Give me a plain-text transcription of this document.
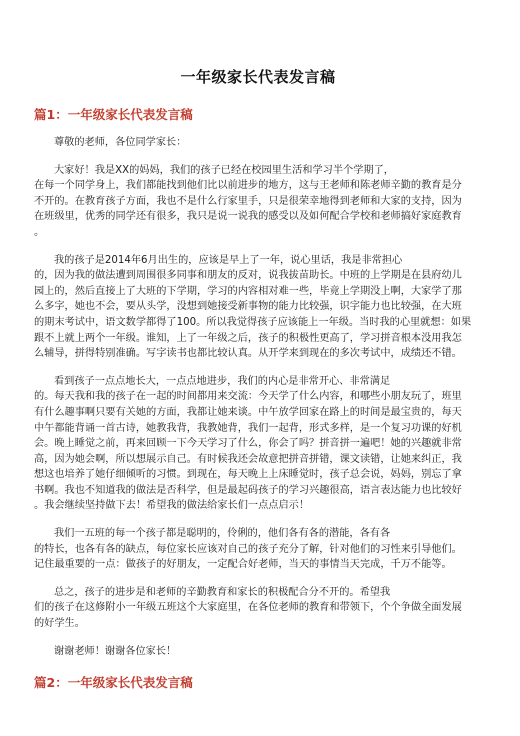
一年级家长代表发言稿
篇1：一年级家长代表发言稿
尊敬的老师，各位同学家长：
大家好！我是XX的妈妈，我们的孩子已经在校园里生活和学习半个学期了，
在每一个同学身上，我们都能找到他们比以前进步的地方，这与王老师和陈老师辛勤的教育是分
不开的。在教育孩子方面，我也不是什么行家里手，只是很荣幸地得到老师和大家的支持，因为
在班级里，优秀的同学还有很多，我只是说一说我的感受以及如何配合学校和老师搞好家庭教育
。
我的孩子是2014年6月出生的，应该是早上了一年，说心里话，我是非常担心
的，因为我的做法遭到周围很多同事和朋友的反对，说我拔苗助长。中班的上学期是在县府幼儿
园上的，然后直接上了大班的下学期，学习的内容相对难一些，毕竟上学期没上啊，大家学了那
么多字，她也不会，要从头学，没想到她接受新事物的能力比较强，识字能力也比较强，在大班
的期末考试中，语文数学都得了100。所以我觉得孩子应该能上一年级。当时我的心里就想：如果
跟不上就上两个一年级。谁知，上了一年级之后，孩子的积极性更高了，学习拼音根本没用我怎
么辅导，拼得特别准确。写字读书也都比较认真。从开学来到现在的多次考试中，成绩还不错。
看到孩子一点点地长大，一点点地进步，我们的内心是非常开心、非常满足
的。每天我和我的孩子在一起的时间都用来交流：今天学了什么内容，和哪些小朋友玩了，班里
有什么趣事啊只要有关她的方面，我都让她来谈。中午放学回家在路上的时间是最宝贵的，每天
中午都能背诵一首古诗，她教我背，我教她背，我们一起背，形式多样，是一个复习功课的好机
会。晚上睡觉之前，再来回顾一下今天学习了什么，你会了吗？拼音拼一遍吧！她的兴趣就非常
高，因为她会啊，所以想展示自己。有时候我还会故意把拼音拼错，课文读错，让她来纠正，我
想这也培养了她仔细倾听的习惯。到现在，每天晚上上床睡觉时，孩子总会说，妈妈，别忘了拿
书啊。我也不知道我的做法是否科学，但是最起码孩子的学习兴趣很高，语言表达能力也比较好
。我会继续坚持做下去！希望我的做法给家长们一点点启示！
我们一五班的每一个孩子都是聪明的，伶俐的，他们各有各的潜能，各有各
的特长，也各有各的缺点，每位家长应该对自己的孩子充分了解，针对他们的习性来引导他们。
记住最重要的一点：做孩子的好朋友，一定配合好老师，当天的事情当天完成，千万不能等。
总之，孩子的进步是和老师的辛勤教育和家长的积极配合分不开的。希望我
们的孩子在这修附小一年级五班这个大家庭里，在各位老师的教育和带领下，个个争做全面发展
的好学生。
谢谢老师！谢谢各位家长！
篇2：一年级家长代表发言稿
